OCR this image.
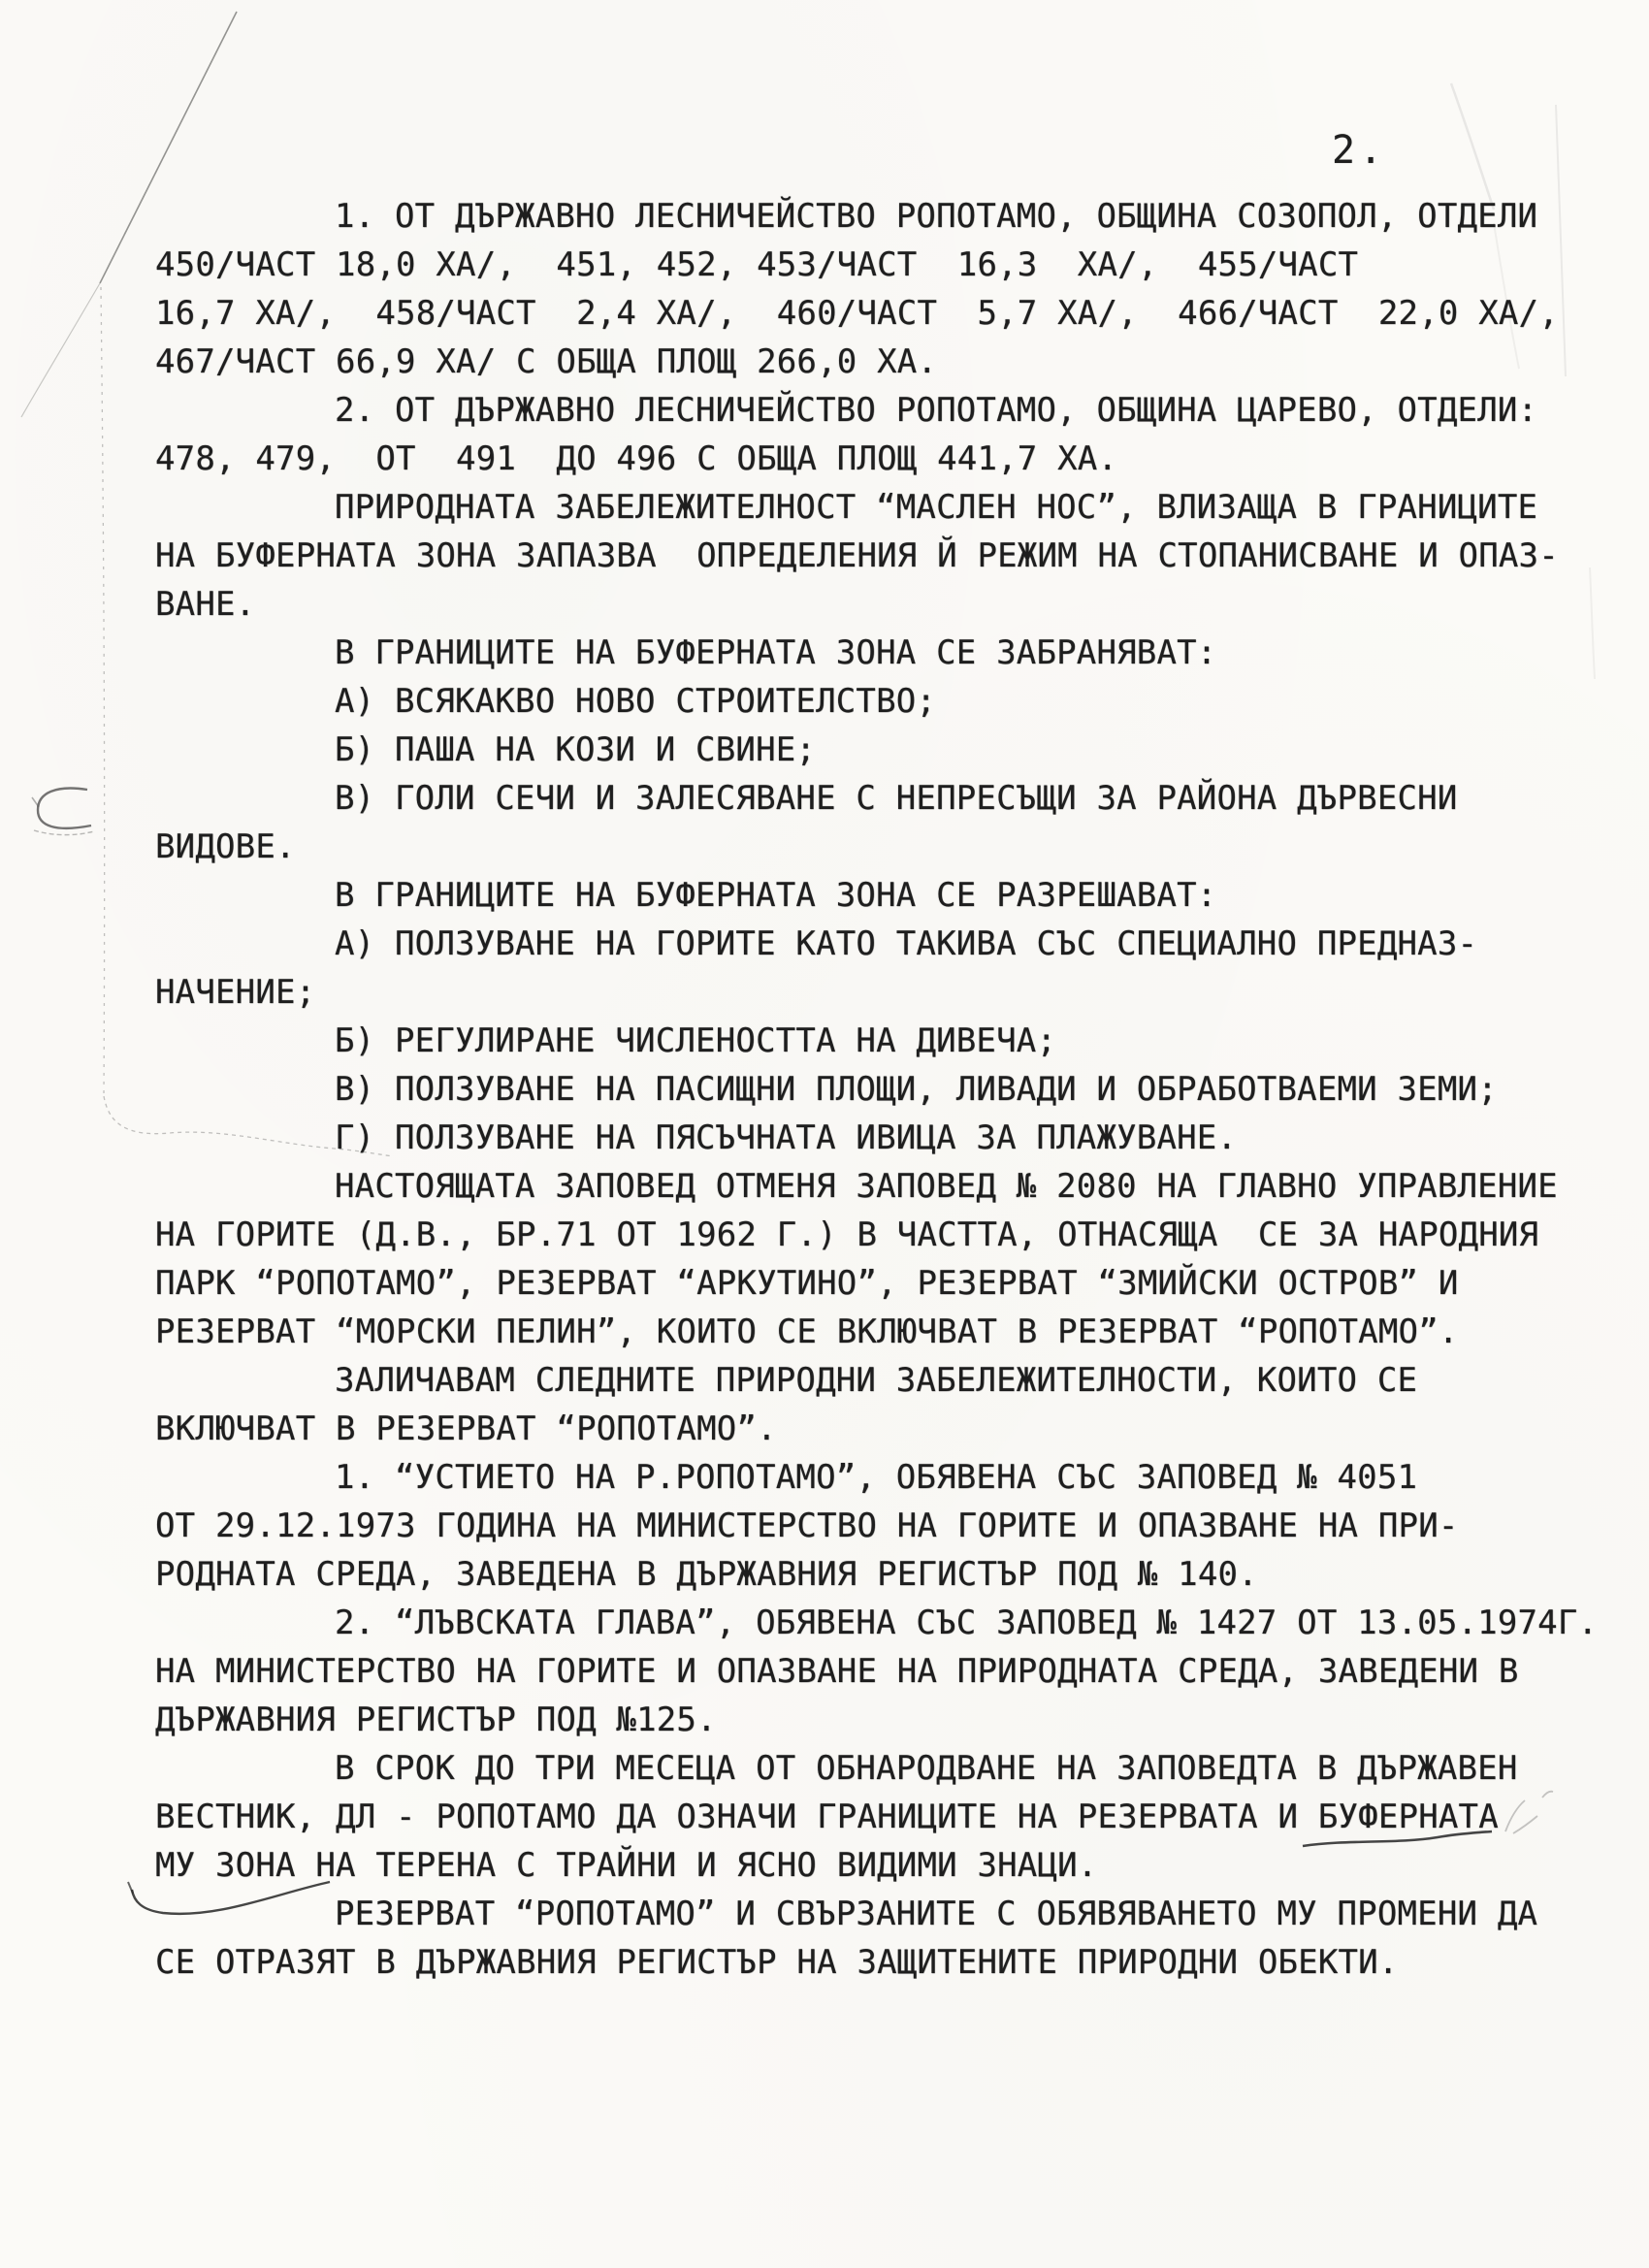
2.
1. ОТ ДЪРЖАВНО ЛЕСНИЧЕЙСТВО РОПОТАМО, ОБЩИНА СОЗОПОЛ, ОТДЕЛИ
450/ЧАСТ 18,0 ХА/,  451, 452, 453/ЧАСТ  16,3  ХА/,  455/ЧАСТ
16,7 ХА/,  458/ЧАСТ  2,4 ХА/,  460/ЧАСТ  5,7 ХА/,  466/ЧАСТ  22,0 ХА/,
467/ЧАСТ 66,9 ХА/ С ОБЩА ПЛОЩ 266,0 ХА.
2. ОТ ДЪРЖАВНО ЛЕСНИЧЕЙСТВО РОПОТАМО, ОБЩИНА ЦАРЕВО, ОТДЕЛИ:
478, 479,  ОТ  491  ДО 496 С ОБЩА ПЛОЩ 441,7 ХА.
ПРИРОДНАТА ЗАБЕЛЕЖИТЕЛНОСТ “МАСЛЕН НОС”, ВЛИЗАЩА В ГРАНИЦИТЕ
НА БУФЕРНАТА ЗОНА ЗАПАЗВА  ОПРЕДЕЛЕНИЯ Й РЕЖИМ НА СТОПАНИСВАНЕ И ОПАЗ-
ВАНЕ.
В ГРАНИЦИТЕ НА БУФЕРНАТА ЗОНА СЕ ЗАБРАНЯВАТ:
А) ВСЯКАКВО НОВО СТРОИТЕЛСТВО;
Б) ПАША НА КОЗИ И СВИНЕ;
В) ГОЛИ СЕЧИ И ЗАЛЕСЯВАНЕ С НЕПРЕСЪЩИ ЗА РАЙОНА ДЪРВЕСНИ
ВИДОВЕ.
В ГРАНИЦИТЕ НА БУФЕРНАТА ЗОНА СЕ РАЗРЕШАВАТ:
А) ПОЛЗУВАНЕ НА ГОРИТЕ КАТО ТАКИВА СЪС СПЕЦИАЛНО ПРЕДНАЗ-
НАЧЕНИЕ;
Б) РЕГУЛИРАНЕ ЧИСЛЕНОСТТА НА ДИВЕЧА;
В) ПОЛЗУВАНЕ НА ПАСИЩНИ ПЛОЩИ, ЛИВАДИ И ОБРАБОТВАЕМИ ЗЕМИ;
Г) ПОЛЗУВАНЕ НА ПЯСЪЧНАТА ИВИЦА ЗА ПЛАЖУВАНЕ.
НАСТОЯЩАТА ЗАПОВЕД ОТМЕНЯ ЗАПОВЕД № 2080 НА ГЛАВНО УПРАВЛЕНИЕ
НА ГОРИТЕ (Д.В., БР.71 ОТ 1962 Г.) В ЧАСТТА, ОТНАСЯЩА  СЕ ЗА НАРОДНИЯ
ПАРК “РОПОТАМО”, РЕЗЕРВАТ “АРКУТИНО”, РЕЗЕРВАТ “ЗМИЙСКИ ОСТРОВ” И
РЕЗЕРВАТ “МОРСКИ ПЕЛИН”, КОИТО СЕ ВКЛЮЧВАТ В РЕЗЕРВАТ “РОПОТАМО”.
ЗАЛИЧАВАМ СЛЕДНИТЕ ПРИРОДНИ ЗАБЕЛЕЖИТЕЛНОСТИ, КОИТО СЕ
ВКЛЮЧВАТ В РЕЗЕРВАТ “РОПОТАМО”.
1. “УСТИЕТО НА Р.РОПОТАМО”, ОБЯВЕНА СЪС ЗАПОВЕД № 4051
ОТ 29.12.1973 ГОДИНА НА МИНИСТЕРСТВО НА ГОРИТЕ И ОПАЗВАНЕ НА ПРИ-
РОДНАТА СРЕДА, ЗАВЕДЕНА В ДЪРЖАВНИЯ РЕГИСТЪР ПОД № 140.
2. “ЛЪВСКАТА ГЛАВА”, ОБЯВЕНА СЪС ЗАПОВЕД № 1427 ОТ 13.05.1974Г.
НА МИНИСТЕРСТВО НА ГОРИТЕ И ОПАЗВАНЕ НА ПРИРОДНАТА СРЕДА, ЗАВЕДЕНИ В
ДЪРЖАВНИЯ РЕГИСТЪР ПОД №125.
В СРОК ДО ТРИ МЕСЕЦА ОТ ОБНАРОДВАНЕ НА ЗАПОВЕДТА В ДЪРЖАВЕН
ВЕСТНИК, ДЛ - РОПОТАМО ДА ОЗНАЧИ ГРАНИЦИТЕ НА РЕЗЕРВАТА И БУФЕРНАТА
МУ ЗОНА НА ТЕРЕНА С ТРАЙНИ И ЯСНО ВИДИМИ ЗНАЦИ.
РЕЗЕРВАТ “РОПОТАМО” И СВЪРЗАНИТЕ С ОБЯВЯВАНЕТО МУ ПРОМЕНИ ДА
СЕ ОТРАЗЯТ В ДЪРЖАВНИЯ РЕГИСТЪР НА ЗАЩИТЕНИТЕ ПРИРОДНИ ОБЕКТИ.
